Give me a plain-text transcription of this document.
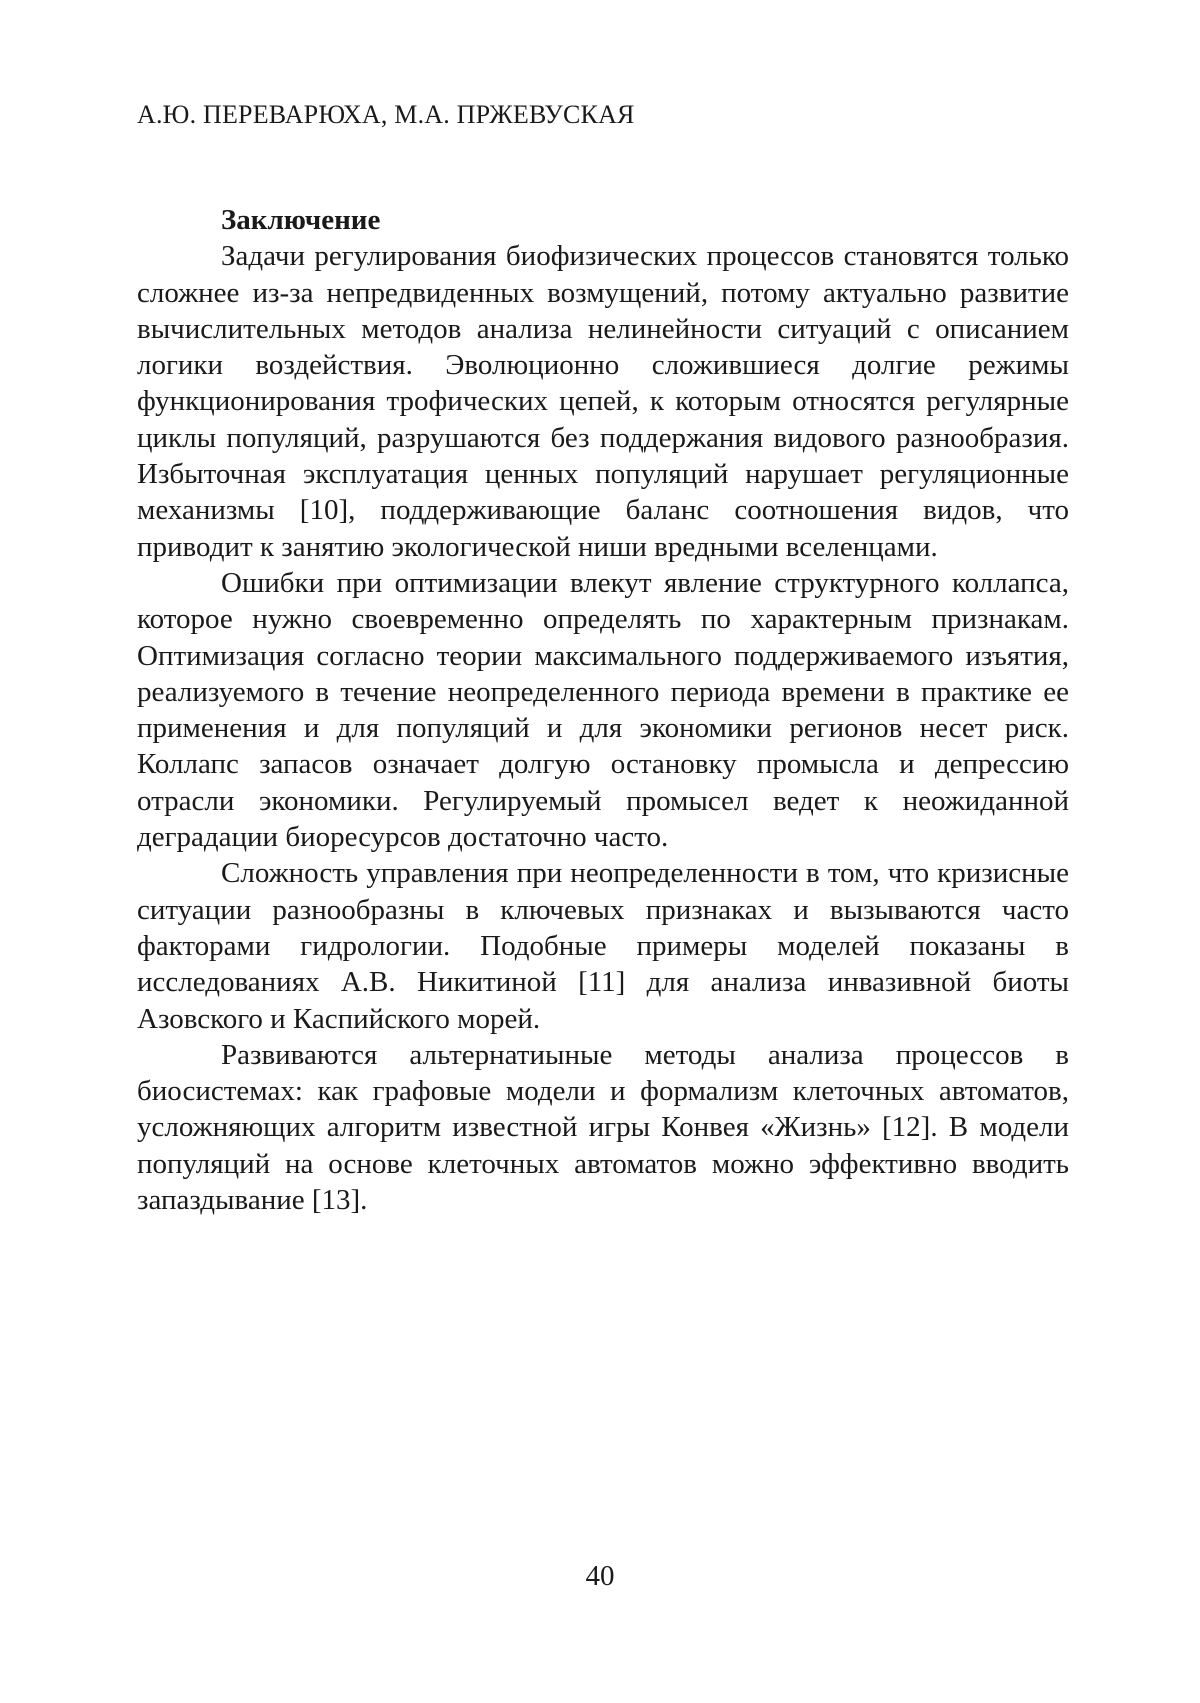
А.Ю. ПЕРЕВАРЮХА, М.А. ПРЖЕВУСКАЯ

Заключение

Задачи регулирования биофизических процессов становятся только сложнее из-за непредвиденных возмущений, потому актуально развитие вычислительных методов анализа нелинейности ситуаций с описанием логики воздействия. Эволюционно сложившиеся долгие режимы функционирования трофических цепей, к которым относятся регулярные циклы популяций, разрушаются без поддержания видового разнообразия. Избыточная эксплуатация ценных популяций нарушает регуляционные механизмы [10], поддерживающие баланс соотношения видов, что приводит к занятию экологической ниши вредными вселенцами.

Ошибки при оптимизации влекут явление структурного коллапса, которое нужно своевременно определять по характерным признакам. Оптимизация согласно теории максимального поддерживаемого изъятия, реализуемого в течение неопределенного периода времени в практике ее применения и для популяций и для экономики регионов несет риск. Коллапс запасов означает долгую остановку промысла и депрессию отрасли экономики. Регулируемый промысел ведет к неожиданной деградации биоресурсов достаточно часто.

Сложность управления при неопределенности в том, что кризисные ситуации разнообразны в ключевых признаках и вызываются часто факторами гидрологии. Подобные примеры моделей показаны в исследованиях А.В. Никитиной [11] для анализа инвазивной биоты Азовского и Каспийского морей.

Развиваются альтернатиыные методы анализа процессов в биосистемах: как графовые модели и формализм клеточных автоматов, усложняющих алгоритм известной игры Конвея «Жизнь» [12]. В модели популяций на основе клеточных автоматов можно эффективно вводить запаздывание [13].

40
